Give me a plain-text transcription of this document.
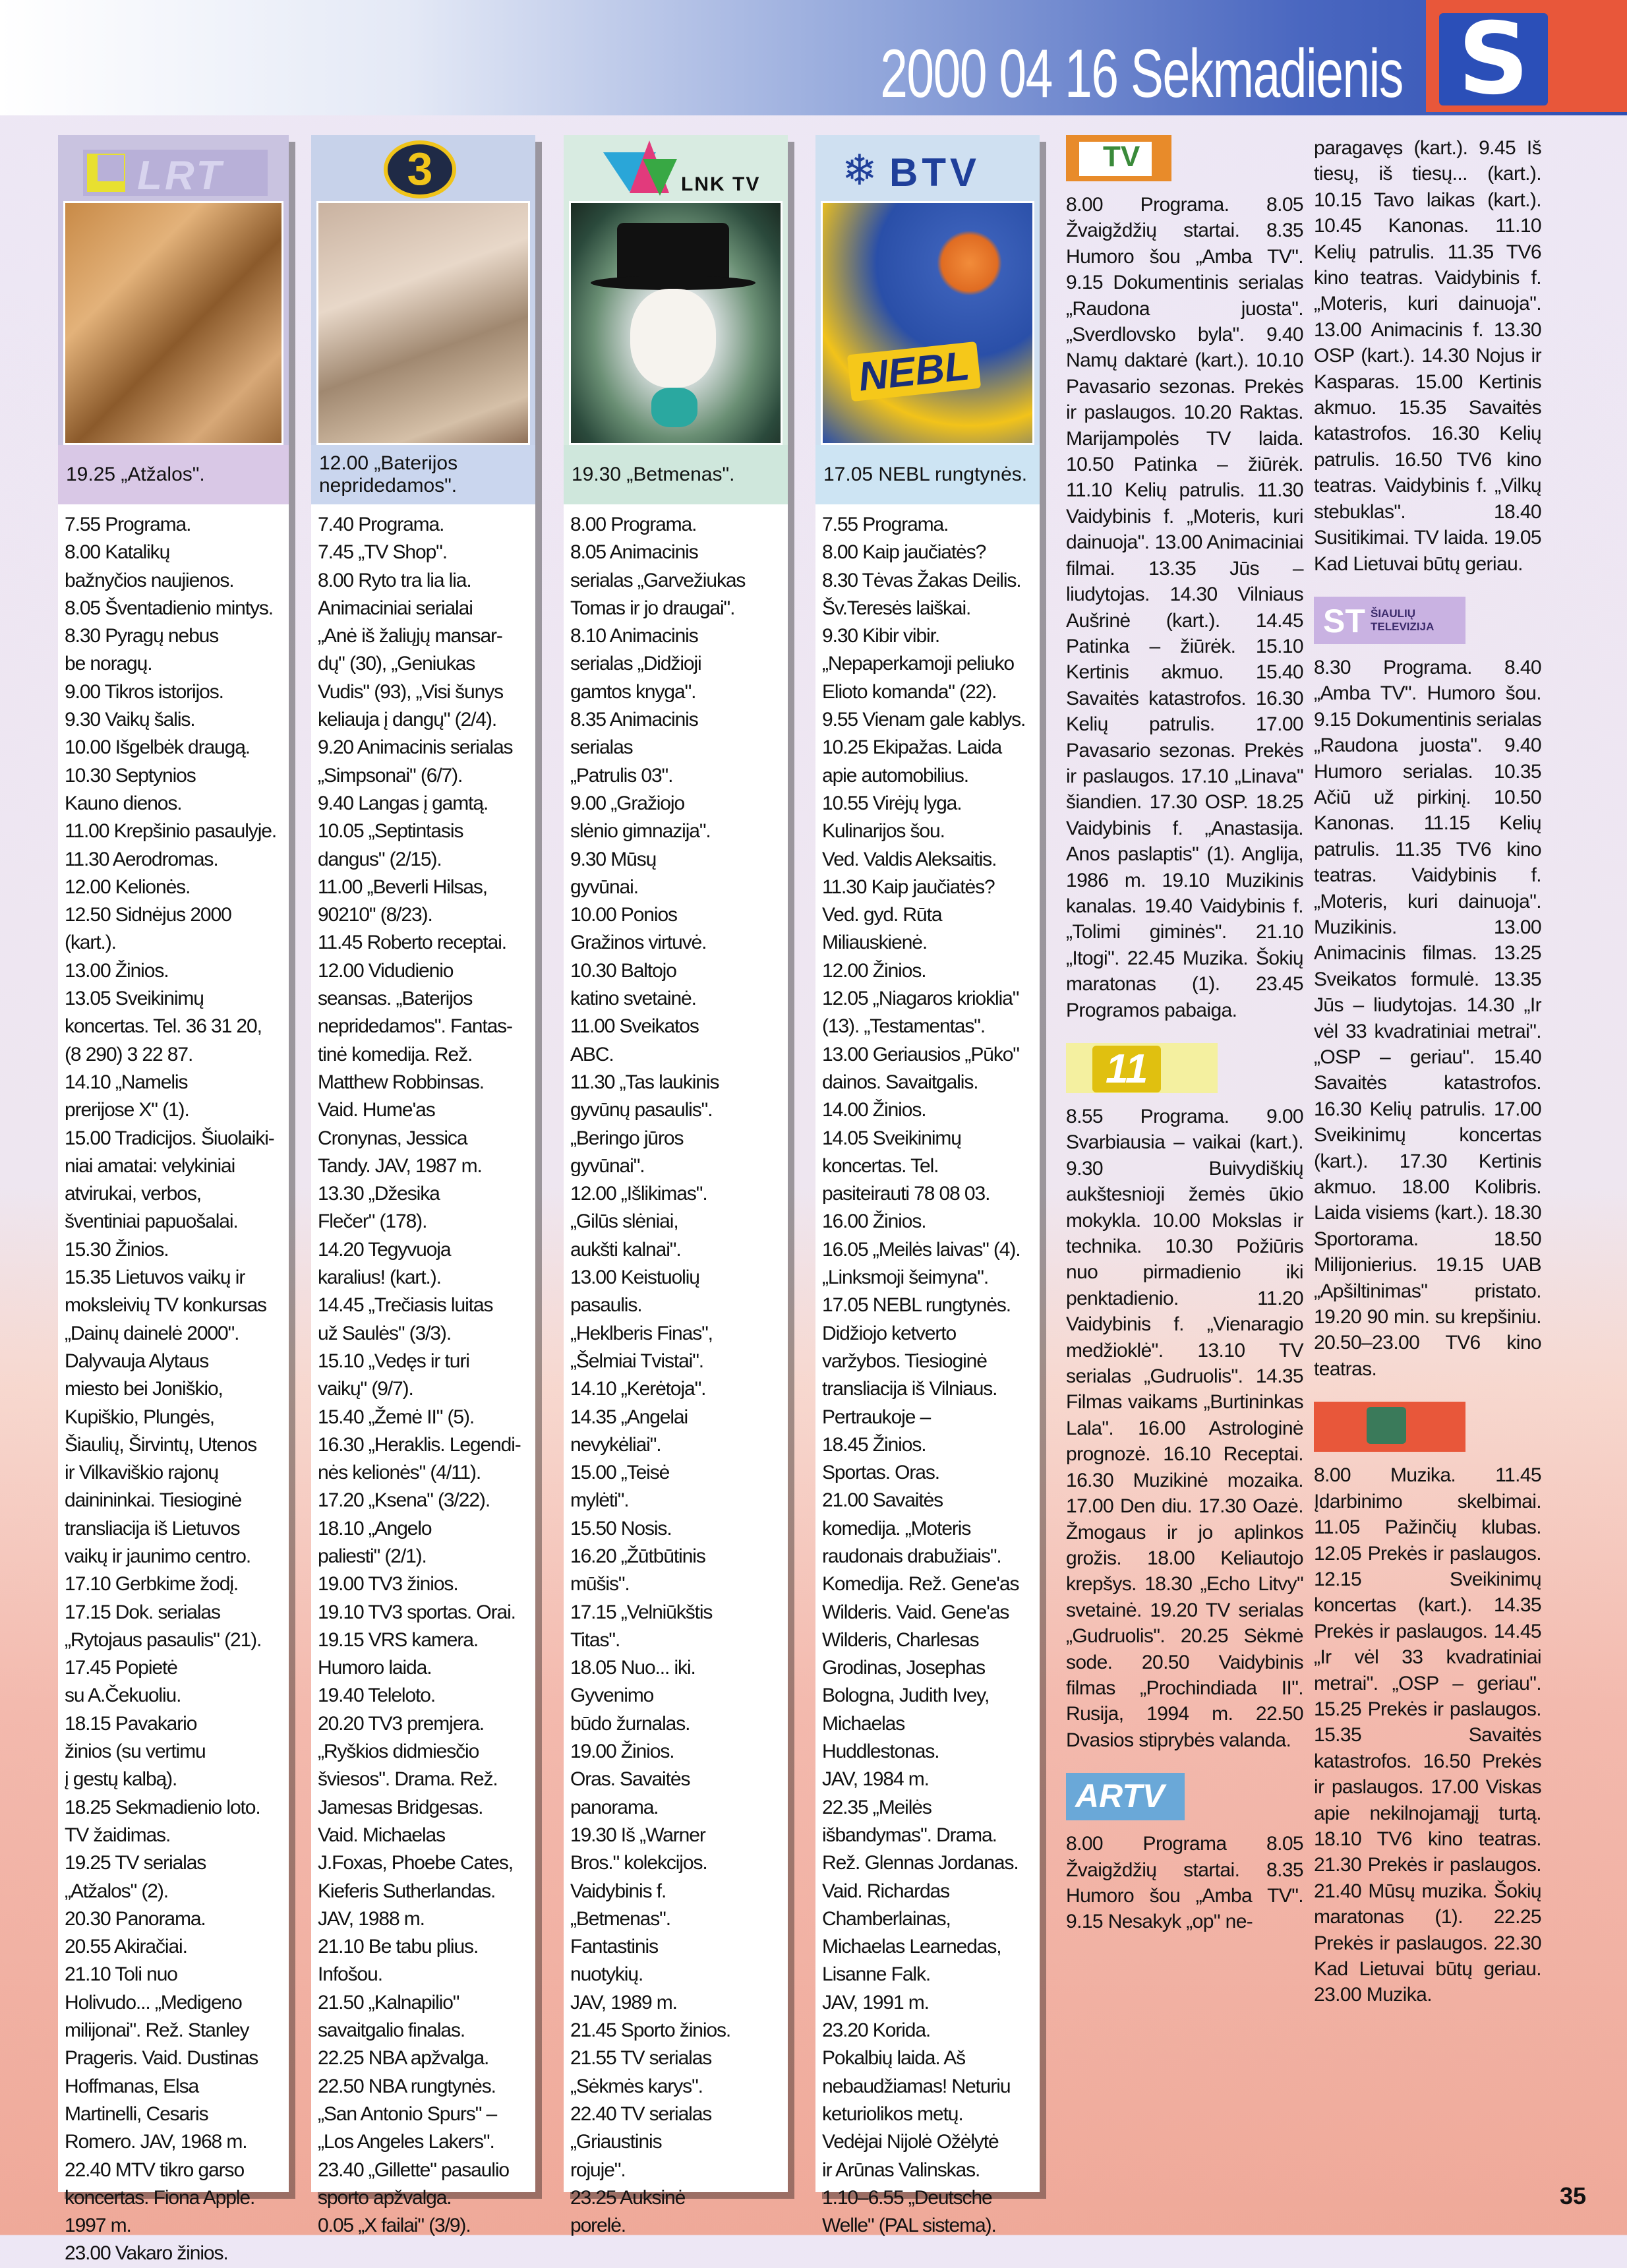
2000 04 16 Sekmadienis S
LRT
19.25 „Atžalos".
7.55 Programa.
8.00 Katalikų
bažnyčios naujienos.
8.05 Šventadienio mintys.
8.30 Pyragų nebus
be noragų.
9.00 Tikros istorijos.
9.30 Vaikų šalis.
10.00 Išgelbėk draugą.
10.30 Septynios
Kauno dienos.
11.00 Krepšinio pasaulyje.
11.30 Aerodromas.
12.00 Kelionės.
12.50 Sidnėjus 2000 (kart.).
13.00 Žinios.
13.05 Sveikinimų
koncertas. Tel. 36 31 20,
(8 290) 3 22 87.
14.10 „Namelis
prerijose X" (1).
15.00 Tradicijos. Šiuolaiki-
niai amatai: velykiniai
atvirukai, verbos,
šventiniai papuošalai.
15.30 Žinios.
15.35 Lietuvos vaikų ir
moksleivių TV konkursas
„Dainų dainelė 2000".
Dalyvauja Alytaus
miesto bei Joniškio,
Kupiškio, Plungės,
Šiaulių, Širvintų, Utenos
ir Vilkaviškio rajonų
dainininkai. Tiesioginė
transliacija iš Lietuvos
vaikų ir jaunimo centro.
17.10 Gerbkime žodį.
17.15 Dok. serialas
„Rytojaus pasaulis" (21).
17.45 Popietė
su A.Čekuoliu.
18.15 Pavakario
žinios (su vertimu
į gestų kalbą).
18.25 Sekmadienio loto.
TV žaidimas.
19.25 TV serialas
„Atžalos" (2).
20.30 Panorama.
20.55 Akiračiai.
21.10 Toli nuo
Holivudo... „Medigeno
milijonai". Rež. Stanley
Prageris. Vaid. Dustinas
Hoffmanas, Elsa
Martinelli, Cesaris
Romero. JAV, 1968 m.
22.40 MTV tikro garso
koncertas. Fiona Apple.
1997 m.
23.00 Vakaro žinios.
3
12.00 „Baterijos nepridedamos".
7.40 Programa.
7.45 „TV Shop".
8.00 Ryto tra lia lia.
Animaciniai serialai
„Anė iš žaliųjų mansar-
dų" (30), „Geniukas
Vudis" (93), „Visi šunys
keliauja į dangų" (2/4).
9.20 Animacinis serialas
„Simpsonai" (6/7).
9.40 Langas į gamtą.
10.05 „Septintasis
dangus" (2/15).
11.00 „Beverli Hilsas,
90210" (8/23).
11.45 Roberto receptai.
12.00 Vidudienio
seansas. „Baterijos
nepridedamos". Fantas-
tinė komedija. Rež.
Matthew Robbinsas.
Vaid. Hume'as
Cronynas, Jessica
Tandy. JAV, 1987 m.
13.30 „Džesika
Flečer" (178).
14.20 Tegyvuoja
karalius! (kart.).
14.45 „Trečiasis luitas
už Saulės" (3/3).
15.10 „Vedęs ir turi
vaikų" (9/7).
15.40 „Žemė II" (5).
16.30 „Heraklis. Legendi-
nės kelionės" (4/11).
17.20 „Ksena" (3/22).
18.10 „Angelo
paliesti" (2/1).
19.00 TV3 žinios.
19.10 TV3 sportas. Orai.
19.15 VRS kamera.
Humoro laida.
19.40 Teleloto.
20.20 TV3 premjera.
„Ryškios didmiesčio
šviesos". Drama. Rež.
Jamesas Bridgesas.
Vaid. Michaelas
J.Foxas, Phoebe Cates,
Kieferis Sutherlandas.
JAV, 1988 m.
21.10 Be tabu plius.
Infošou.
21.50 „Kalnapilio"
savaitgalio finalas.
22.25 NBA apžvalga.
22.50 NBA rungtynės.
„San Antonio Spurs" –
„Los Angeles Lakers".
23.40 „Gillette" pasaulio
sporto apžvalga.
0.05 „X failai" (3/9).
LNK TV
19.30 „Betmenas".
8.00 Programa.
8.05 Animacinis
serialas „Garvežiukas
Tomas ir jo draugai".
8.10 Animacinis
serialas „Didžioji
gamtos knyga".
8.35 Animacinis
serialas
„Patrulis 03".
9.00 „Gražiojo
slėnio gimnazija".
9.30 Mūsų
gyvūnai.
10.00 Ponios
Gražinos virtuvė.
10.30 Baltojo
katino svetainė.
11.00 Sveikatos
ABC.
11.30 „Tas laukinis
gyvūnų pasaulis".
„Beringo jūros
gyvūnai".
12.00 „Išlikimas".
„Gilūs slėniai,
aukšti kalnai".
13.00 Keistuolių
pasaulis.
„Heklberis Finas",
„Šelmiai Tvistai".
14.10 „Kerėtoja".
14.35 „Angelai
nevykėliai".
15.00 „Teisė
mylėti".
15.50 Nosis.
16.20 „Žūtbūtinis
mūšis".
17.15 „Velniūkštis
Titas".
18.05 Nuo... iki.
Gyvenimo
būdo žurnalas.
19.00 Žinios.
Oras. Savaitės
panorama.
19.30 Iš „Warner
Bros." kolekcijos.
Vaidybinis f.
„Betmenas".
Fantastinis
nuotykių.
JAV, 1989 m.
21.45 Sporto žinios.
21.55 TV serialas
„Sėkmės karys".
22.40 TV serialas
„Griaustinis
rojuje".
23.25 Auksinė
porelė.
❄ BTV
NEBL
17.05 NEBL rungtynės.
7.55 Programa.
8.00 Kaip jaučiatės?
8.30 Tėvas Žakas Deilis.
Šv.Teresės laiškai.
9.30 Kibir vibir.
„Nepaperkamoji peliuko
Elioto komanda" (22).
9.55 Vienam gale kablys.
10.25 Ekipažas. Laida
apie automobilius.
10.55 Virėjų lyga.
Kulinarijos šou.
Ved. Valdis Aleksaitis.
11.30 Kaip jaučiatės?
Ved. gyd. Rūta
Miliauskienė.
12.00 Žinios.
12.05 „Niagaros krioklia" (13). „Testamentas".
13.00 Geriausios „Pūko"
dainos. Savaitgalis.
14.00 Žinios.
14.05 Sveikinimų
koncertas. Tel.
pasiteirauti 78 08 03.
16.00 Žinios.
16.05 „Meilės laivas" (4).
„Linksmoji šeimyna".
17.05 NEBL rungtynės.
Didžiojo ketverto
varžybos. Tiesioginė
transliacija iš Vilniaus.
Pertraukoje –
18.45 Žinios.
Sportas. Oras.
21.00 Savaitės
komedija. „Moteris
raudonais drabužiais".
Komedija. Rež. Gene'as
Wilderis. Vaid. Gene'as
Wilderis, Charlesas
Grodinas, Josephas
Bologna, Judith Ivey,
Michaelas
Huddlestonas.
JAV, 1984 m.
22.35 „Meilės
išbandymas". Drama.
Rež. Glennas Jordanas.
Vaid. Richardas
Chamberlainas,
Michaelas Learnedas,
Lisanne Falk.
JAV, 1991 m.
23.20 Korida.
Pokalbių laida. Aš
nebaudžiamas! Neturiu
keturiolikos metų.
Vedėjai Nijolė Ožėlytė
ir Arūnas Valinskas.
1.10–6.55 „Deutsche
Welle" (PAL sistema).
TV
8.00 Programa. 8.05 Žvaigždžių startai. 8.35 Humoro šou „Amba TV". 9.15 Dokumentinis serialas „Raudona juosta". „Sverdlovsko byla". 9.40 Namų daktarė (kart.). 10.10 Pavasario sezonas. Prekės ir paslaugos. 10.20 Raktas. Marijampolės TV laida. 10.50 Patinka – žiūrėk. 11.10 Kelių patrulis. 11.30 Vaidybinis f. „Moteris, kuri dainuoja". 13.00 Animaciniai filmai. 13.35 Jūs – liudytojas. 14.30 Vilniaus Aušrinė (kart.). 14.45 Patinka – žiūrėk. 15.10 Kertinis akmuo. 15.40 Savaitės katastrofos. 16.30 Kelių patrulis. 17.00 Pavasario sezonas. Prekės ir paslaugos. 17.10 „Linava" šiandien. 17.30 OSP. 18.25 Vaidybinis f. „Anastasija. Anos paslaptis" (1). Anglija, 1986 m. 19.10 Muzikinis kanalas. 19.40 Vaidybinis f. „Tolimi giminės". 21.10 „Itogi". 22.45 Muzika. Šokių maratonas (1). 23.45 Programos pabaiga.
11
8.55 Programa. 9.00 Svarbiausia – vaikai (kart.). 9.30 Buivydiškių aukštesnioji žemės ūkio mokykla. 10.00 Mokslas ir technika. 10.30 Požiūris nuo pirmadienio iki penktadienio. 11.20 Vaidybinis f. „Vienaragio medžioklė". 13.10 TV serialas „Gudruolis". 14.35 Filmas vaikams „Burtininkas Lala". 16.00 Astrologinė prognozė. 16.10 Receptai. 16.30 Muzikinė mozaika. 17.00 Den diu. 17.30 Oazė. Žmogaus ir jo aplinkos grožis. 18.00 Keliautojo krepšys. 18.30 „Echo Litvy" svetainė. 19.20 TV serialas „Gudruolis". 20.25 Sėkmė sode. 20.50 Vaidybinis filmas „Prochindiada II". Rusija, 1994 m. 22.50 Dvasios stiprybės valanda.
ARTV
8.00 Programa 8.05 Žvaigždžių startai. 8.35 Humoro šou „Amba TV". 9.15 Nesakyk „op" ne-
paragavęs (kart.). 9.45 Iš tiesų, iš tiesų... (kart.). 10.15 Tavo laikas (kart.). 10.45 Kanonas. 11.10 Kelių patrulis. 11.35 TV6 kino teatras. Vaidybinis f. „Moteris, kuri dainuoja". 13.00 Animacinis f. 13.30 OSP (kart.). 14.30 Nojus ir Kasparas. 15.00 Kertinis akmuo. 15.35 Savaitės katastrofos. 16.30 Kelių patrulis. 16.50 TV6 kino teatras. Vaidybinis f. „Vilkų stebuklas". 18.40 Susitikimai. TV laida. 19.05 Kad Lietuvai būtų geriau.
ST ŠIAULIŲ TELEVIZIJA
8.30 Programa. 8.40 „Amba TV". Humoro šou. 9.15 Dokumentinis serialas „Raudona juosta". 9.40 Humoro serialas. 10.35 Ačiū už pirkinį. 10.50 Kanonas. 11.15 Kelių patrulis. 11.35 TV6 kino teatras. Vaidybinis f. „Moteris, kuri dainuoja". Muzikinis. 13.00 Animacinis filmas. 13.25 Sveikatos formulė. 13.35 Jūs – liudytojas. 14.30 „Ir vėl 33 kvadratiniai metrai". „OSP – geriau". 15.40 Savaitės katastrofos. 16.30 Kelių patrulis. 17.00 Sveikinimų koncertas (kart.). 17.30 Kertinis akmuo. 18.00 Kolibris. Laida visiems (kart.). 18.30 Sportorama. 18.50 Milijonierius. 19.15 UAB „Apšiltinimas" pristato. 19.20 90 min. su krepšiniu. 20.50–23.00 TV6 kino teatras.
8.00 Muzika. 11.45 Įdarbinimo skelbimai. 11.05 Pažinčių klubas. 12.05 Prekės ir paslaugos. 12.15 Sveikinimų koncertas (kart.). 14.35 Prekės ir paslaugos. 14.45 „Ir vėl 33 kvadratiniai metrai". „OSP – geriau". 15.25 Prekės ir paslaugos. 15.35 Savaitės katastrofos. 16.50 Prekės ir paslaugos. 17.00 Viskas apie nekilnojamąjį turtą. 18.10 TV6 kino teatras. 21.30 Prekės ir paslaugos. 21.40 Mūsų muzika. Šokių maratonas (1). 22.25 Prekės ir paslaugos. 22.30 Kad Lietuvai būtų geriau. 23.00 Muzika.
35
